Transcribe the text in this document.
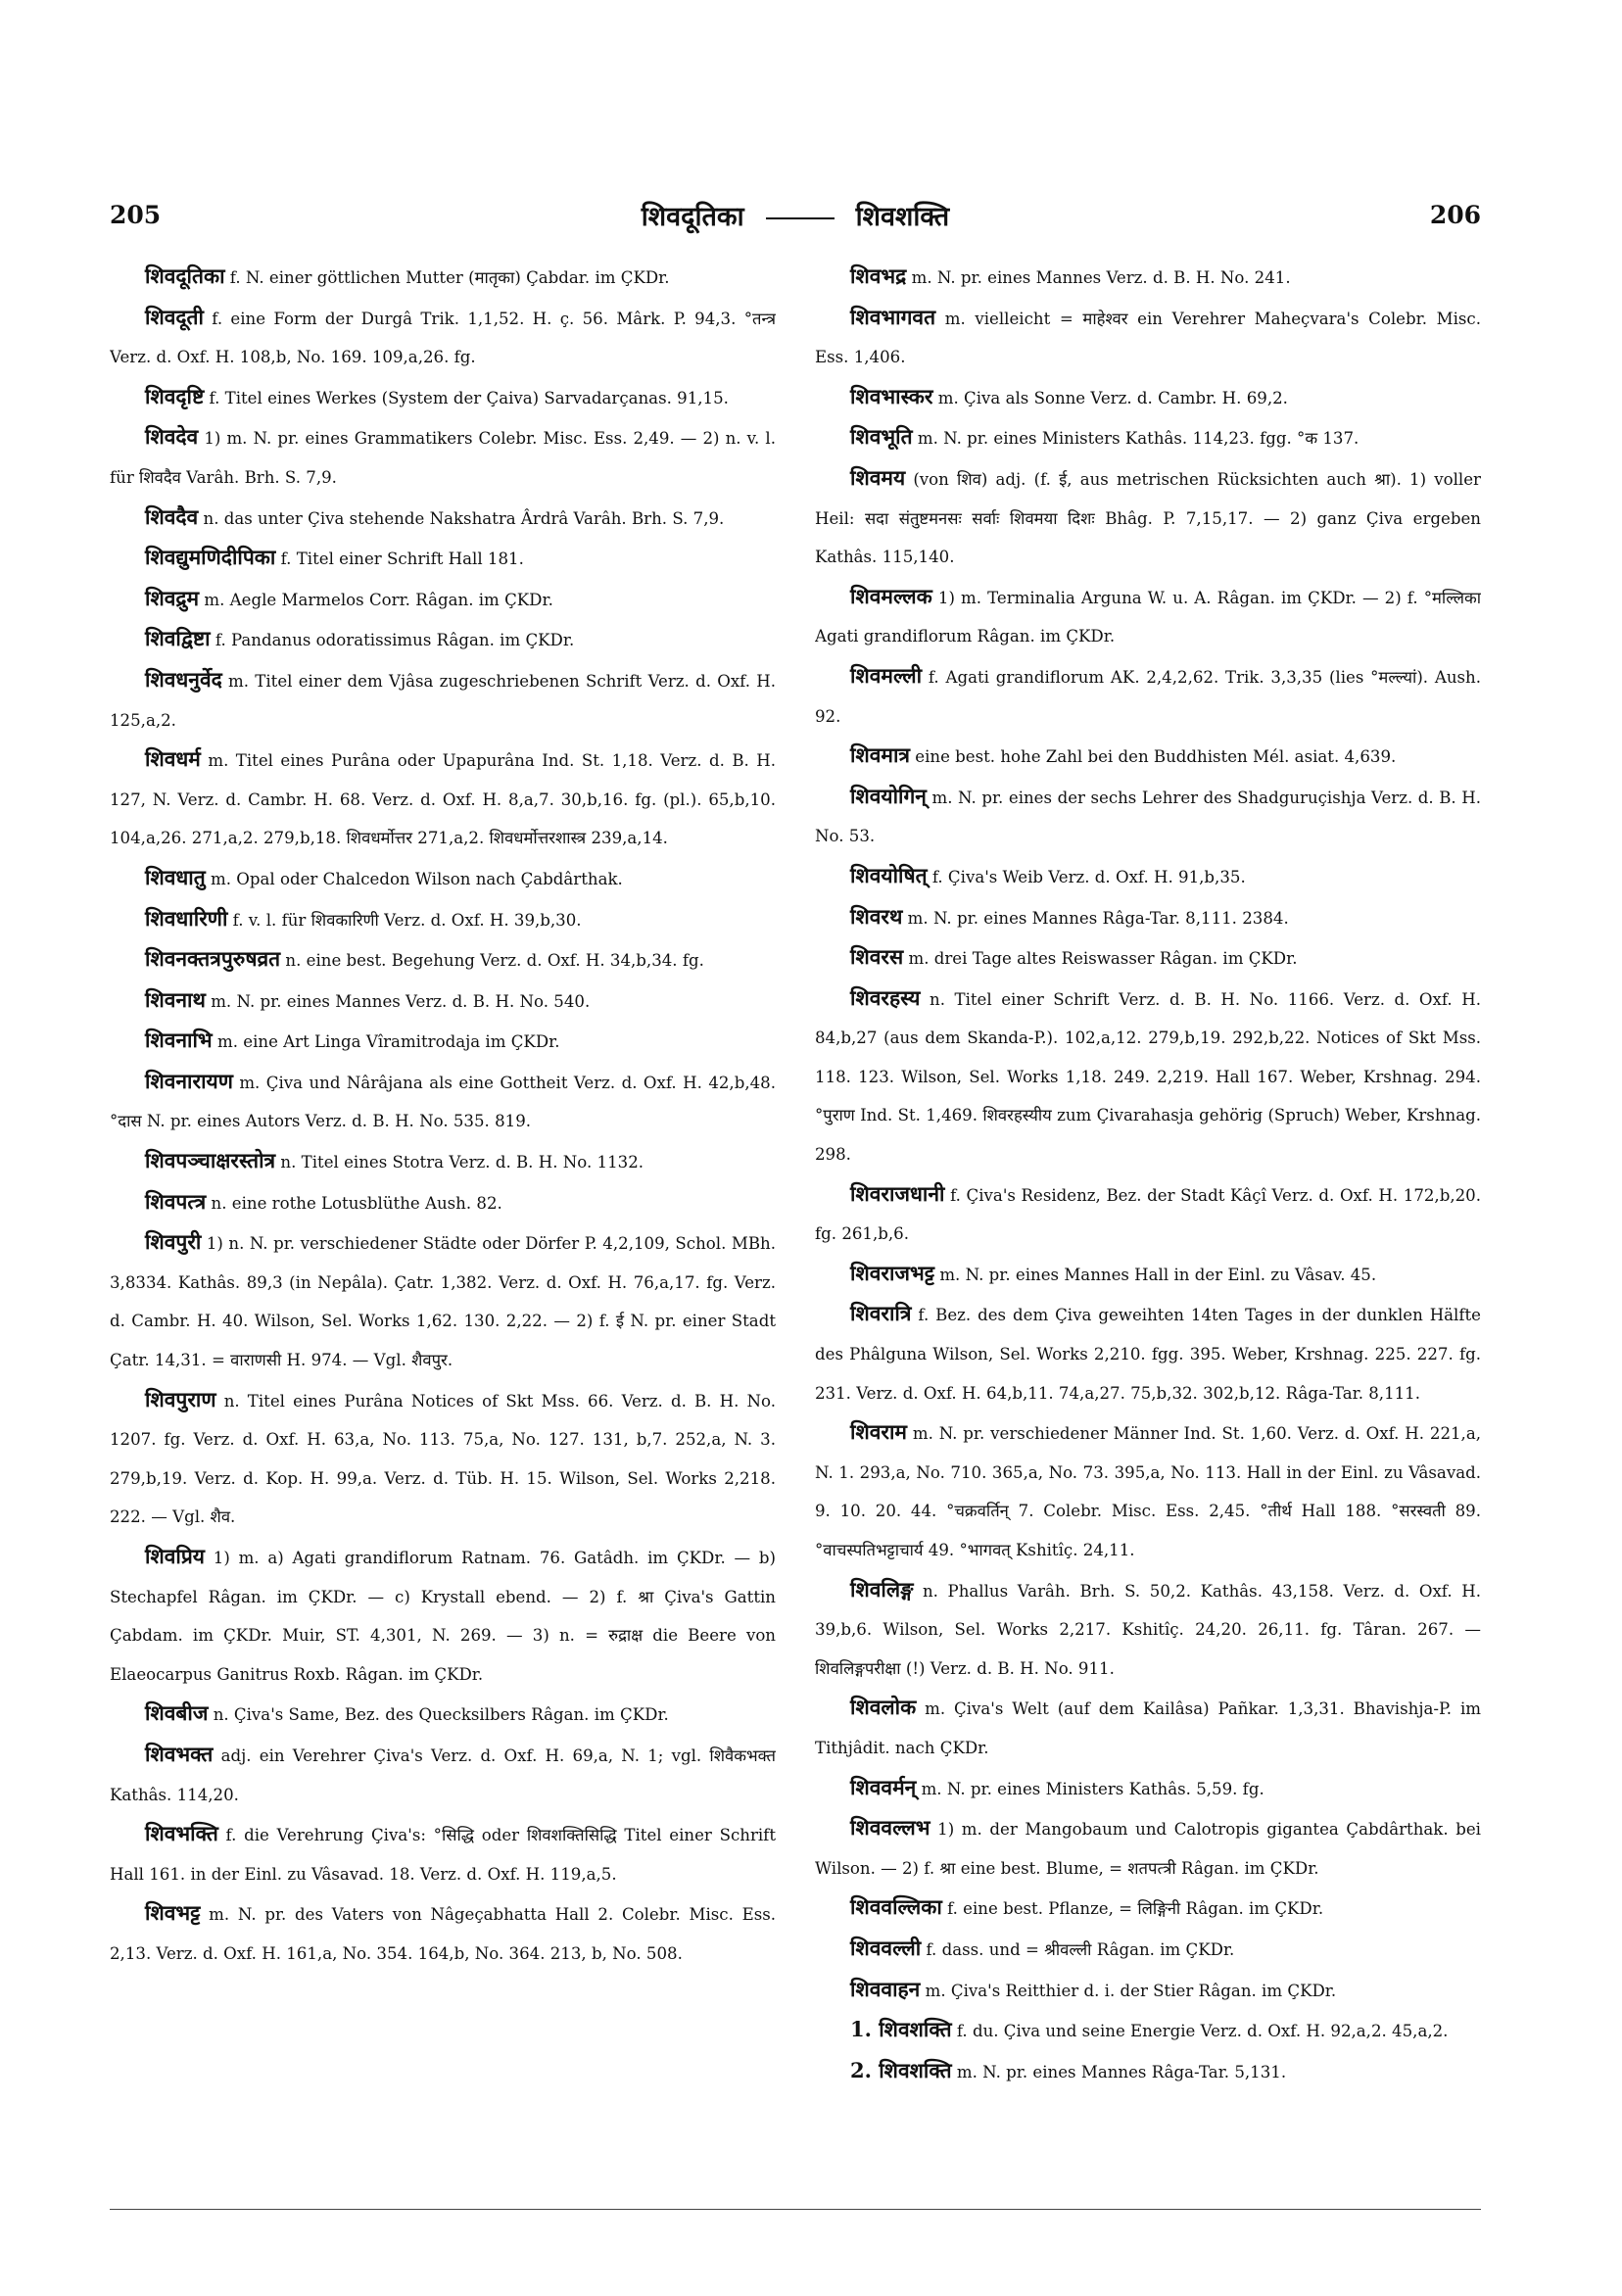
205	शिवदूतिका	शिवशक्ति	206

शिवदूतिका f. N. einer göttlichen Mutter (मातृका) Çabdar. im ÇKDr.

शिवदूती f. eine Form der Durgâ Trik. 1,1,52. H. ç. 56. Mârk. P. 94,3. °तन्त्र Verz. d. Oxf. H. 108,b, No. 169. 109,a,26. fg.

शिवदृष्टि f. Titel eines Werkes (System der Çaiva) Sarvadarçanas. 91,15.

शिवदेव 1) m. N. pr. eines Grammatikers Colebr. Misc. Ess. 2,49. — 2) n. v. l. für शिवदैव Varâh. Brh. S. 7,9.

शिवदैव n. das unter Çiva stehende Nakshatra Ârdrâ Varâh. Brh. S. 7,9.

शिवद्युमणिदीपिका f. Titel einer Schrift Hall 181.

शिवद्रुम m. Aegle Marmelos Corr. Râgan. im ÇKDr.

शिवद्विष्टा f. Pandanus odoratissimus Râgan. im ÇKDr.

शिवधनुर्वेद m. Titel einer dem Vjâsa zugeschriebenen Schrift Verz. d. Oxf. H. 125,a,2.

शिवधर्म m. Titel eines Purâna oder Upapurâna Ind. St. 1,18. Verz. d. B. H. 127, N. Verz. d. Cambr. H. 68. Verz. d. Oxf. H. 8,a,7. 30,b,16. fg. (pl.). 65,b,10. 104,a,26. 271,a,2. 279,b,18. शिवधर्मोत्तर 271,a,2. शिवधर्मोत्तरशास्त्र 239,a,14.

शिवधातु m. Opal oder Chalcedon Wilson nach Çabdârthak.

शिवधारिणी f. v. l. für शिवकारिणी Verz. d. Oxf. H. 39,b,30.

शिवनक्तत्रपुरुषव्रत n. eine best. Begehung Verz. d. Oxf. H. 34,b,34. fg.

शिवनाथ m. N. pr. eines Mannes Verz. d. B. H. No. 540.

शिवनाभि m. eine Art Linga Vîramitrodaja im ÇKDr.

शिवनारायण m. Çiva und Nârâjana als eine Gottheit Verz. d. Oxf. H. 42,b,48. °दास N. pr. eines Autors Verz. d. B. H. No. 535. 819.

शिवपञ्चाक्षरस्तोत्र n. Titel eines Stotra Verz. d. B. H. No. 1132.

शिवपत्त्र n. eine rothe Lotusblüthe Aush. 82.

शिवपुरी 1) n. N. pr. verschiedener Städte oder Dörfer P. 4,2,109, Schol. MBh. 3,8334. Kathâs. 89,3 (in Nepâla). Çatr. 1,382. Verz. d. Oxf. H. 76,a,17. fg. Verz. d. Cambr. H. 40. Wilson, Sel. Works 1,62. 130. 2,22. — 2) f. ई N. pr. einer Stadt Çatr. 14,31. = वाराणसी H. 974. — Vgl. शैवपुर.

शिवपुराण n. Titel eines Purâna Notices of Skt Mss. 66. Verz. d. B. H. No. 1207. fg. Verz. d. Oxf. H. 63,a, No. 113. 75,a, No. 127. 131, b,7. 252,a, N. 3. 279,b,19. Verz. d. Kop. H. 99,a. Verz. d. Tüb. H. 15. Wilson, Sel. Works 2,218. 222. — Vgl. शैव.

शिवप्रिय 1) m. a) Agati grandiflorum Ratnam. 76. Gatâdh. im ÇKDr. — b) Stechapfel Râgan. im ÇKDr. — c) Krystall ebend. — 2) f. श्रा Çiva's Gattin Çabdam. im ÇKDr. Muir, ST. 4,301, N. 269. — 3) n. = रुद्राक्ष die Beere von Elaeocarpus Ganitrus Roxb. Râgan. im ÇKDr.

शिवबीज n. Çiva's Same, Bez. des Quecksilbers Râgan. im ÇKDr.

शिवभक्त adj. ein Verehrer Çiva's Verz. d. Oxf. H. 69,a, N. 1; vgl. शिवैकभक्त Kathâs. 114,20.

शिवभक्ति f. die Verehrung Çiva's: °सिद्धि oder शिवशक्तिसिद्धि Titel einer Schrift Hall 161. in der Einl. zu Vâsavad. 18. Verz. d. Oxf. H. 119,a,5.

शिवभट्ट m. N. pr. des Vaters von Nâgeçabhatta Hall 2. Colebr. Misc. Ess. 2,13. Verz. d. Oxf. H. 161,a, No. 354. 164,b, No. 364. 213, b, No. 508.

शिवभद्र m. N. pr. eines Mannes Verz. d. B. H. No. 241.

शिवभागवत m. vielleicht = माहेश्वर ein Verehrer Maheçvara's Colebr. Misc. Ess. 1,406.

शिवभास्कर m. Çiva als Sonne Verz. d. Cambr. H. 69,2.

शिवभूति m. N. pr. eines Ministers Kathâs. 114,23. fgg. °क 137.

शिवमय (von शिव) adj. (f. ई, aus metrischen Rücksichten auch श्रा). 1) voller Heil: सदा संतुष्टमनसः सर्वाः शिवमया दिशः Bhâg. P. 7,15,17. — 2) ganz Çiva ergeben Kathâs. 115,140.

शिवमल्लक 1) m. Terminalia Arguna W. u. A. Râgan. im ÇKDr. — 2) f. °मल्लिका Agati grandiflorum Râgan. im ÇKDr.

शिवमल्ली f. Agati grandiflorum AK. 2,4,2,62. Trik. 3,3,35 (lies °मल्ल्यां). Aush. 92.

शिवमात्र eine best. hohe Zahl bei den Buddhisten Mél. asiat. 4,639.

शिवयोगिन् m. N. pr. eines der sechs Lehrer des Shadguruçishja Verz. d. B. H. No. 53.

शिवयोषित् f. Çiva's Weib Verz. d. Oxf. H. 91,b,35.

शिवरथ m. N. pr. eines Mannes Râga-Tar. 8,111. 2384.

शिवरस m. drei Tage altes Reiswasser Râgan. im ÇKDr.

शिवरहस्य n. Titel einer Schrift Verz. d. B. H. No. 1166. Verz. d. Oxf. H. 84,b,27 (aus dem Skanda-P.). 102,a,12. 279,b,19. 292,b,22. Notices of Skt Mss. 118. 123. Wilson, Sel. Works 1,18. 249. 2,219. Hall 167. Weber, Krshnag. 294. °पुराण Ind. St. 1,469. शिवरहस्यीय zum Çivarahasja gehörig (Spruch) Weber, Krshnag. 298.

शिवराजधानी f. Çiva's Residenz, Bez. der Stadt Kâçî Verz. d. Oxf. H. 172,b,20. fg. 261,b,6.

शिवराजभट्ट m. N. pr. eines Mannes Hall in der Einl. zu Vâsav. 45.

शिवरात्रि f. Bez. des dem Çiva geweihten 14ten Tages in der dunklen Hälfte des Phâlguna Wilson, Sel. Works 2,210. fgg. 395. Weber, Krshnag. 225. 227. fg. 231. Verz. d. Oxf. H. 64,b,11. 74,a,27. 75,b,32. 302,b,12. Râga-Tar. 8,111.

शिवराम m. N. pr. verschiedener Männer Ind. St. 1,60. Verz. d. Oxf. H. 221,a, N. 1. 293,a, No. 710. 365,a, No. 73. 395,a, No. 113. Hall in der Einl. zu Vâsavad. 9. 10. 20. 44. °चक्रवर्तिन् 7. Colebr. Misc. Ess. 2,45. °तीर्थ Hall 188. °सरस्वती 89. °वाचस्पतिभट्टाचार्य 49. °भागवत् Kshitîç. 24,11.

शिवलिङ्ग n. Phallus Varâh. Brh. S. 50,2. Kathâs. 43,158. Verz. d. Oxf. H. 39,b,6. Wilson, Sel. Works 2,217. Kshitîç. 24,20. 26,11. fg. Târan. 267. — शिवलिङ्गपरीक्षा (!) Verz. d. B. H. No. 911.

शिवलोक m. Çiva's Welt (auf dem Kailâsa) Pañkar. 1,3,31. Bhavishja-P. im Tithjâdit. nach ÇKDr.

शिववर्मन् m. N. pr. eines Ministers Kathâs. 5,59. fg.

शिववल्लभ 1) m. der Mangobaum und Calotropis gigantea Çabdârthak. bei Wilson. — 2) f. श्रा eine best. Blume, = शतपत्त्री Râgan. im ÇKDr.

शिववल्लिका f. eine best. Pflanze, = लिङ्गिनी Râgan. im ÇKDr.

शिववल्ली f. dass. und = श्रीवल्ली Râgan. im ÇKDr.

शिववाहन m. Çiva's Reitthier d. i. der Stier Râgan. im ÇKDr.

1. शिवशक्ति f. du. Çiva und seine Energie Verz. d. Oxf. H. 92,a,2. 45,a,2.

2. शिवशक्ति m. N. pr. eines Mannes Râga-Tar. 5,131.
